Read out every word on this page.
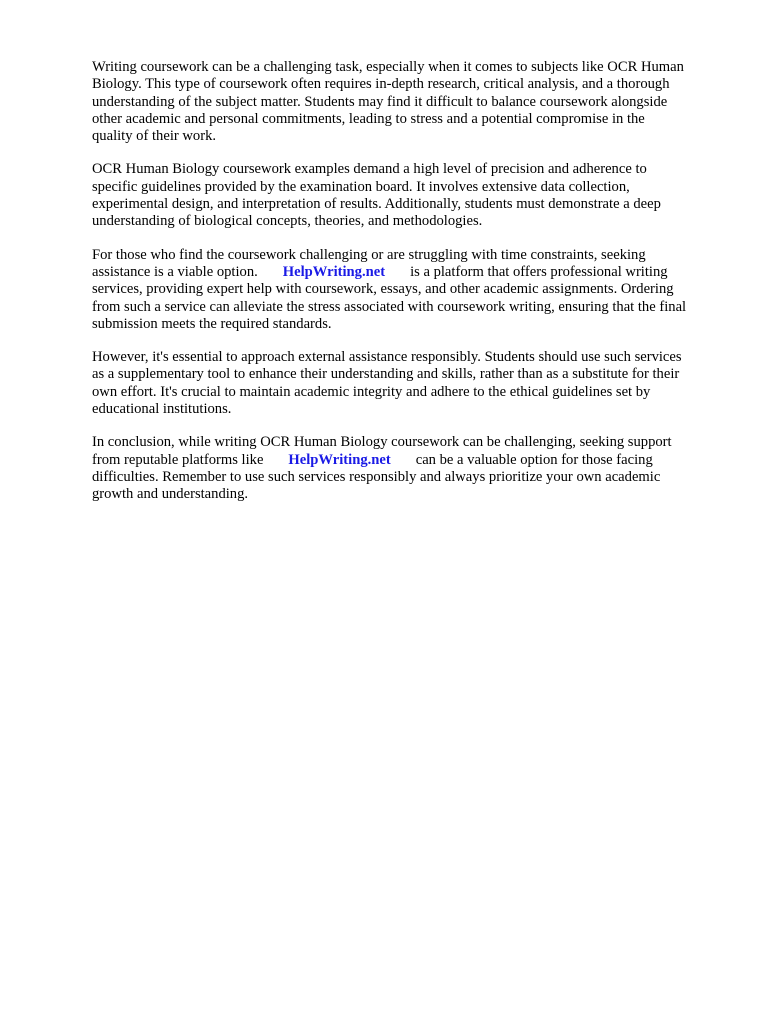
Writing coursework can be a challenging task, especially when it comes to subjects like OCR Human
Biology. This type of coursework often requires in-depth research, critical analysis, and a thorough
understanding of the subject matter. Students may find it difficult to balance coursework alongside
other academic and personal commitments, leading to stress and a potential compromise in the
quality of their work.

OCR Human Biology coursework examples demand a high level of precision and adherence to
specific guidelines provided by the examination board. It involves extensive data collection,
experimental design, and interpretation of results. Additionally, students must demonstrate a deep
understanding of biological concepts, theories, and methodologies.

For those who find the coursework challenging or are struggling with time constraints, seeking
assistance is a viable option. HelpWriting.net is a platform that offers professional writing
services, providing expert help with coursework, essays, and other academic assignments. Ordering
from such a service can alleviate the stress associated with coursework writing, ensuring that the final
submission meets the required standards.

However, it's essential to approach external assistance responsibly. Students should use such services
as a supplementary tool to enhance their understanding and skills, rather than as a substitute for their
own effort. It's crucial to maintain academic integrity and adhere to the ethical guidelines set by
educational institutions.

In conclusion, while writing OCR Human Biology coursework can be challenging, seeking support
from reputable platforms like HelpWriting.net can be a valuable option for those facing
difficulties. Remember to use such services responsibly and always prioritize your own academic
growth and understanding.
